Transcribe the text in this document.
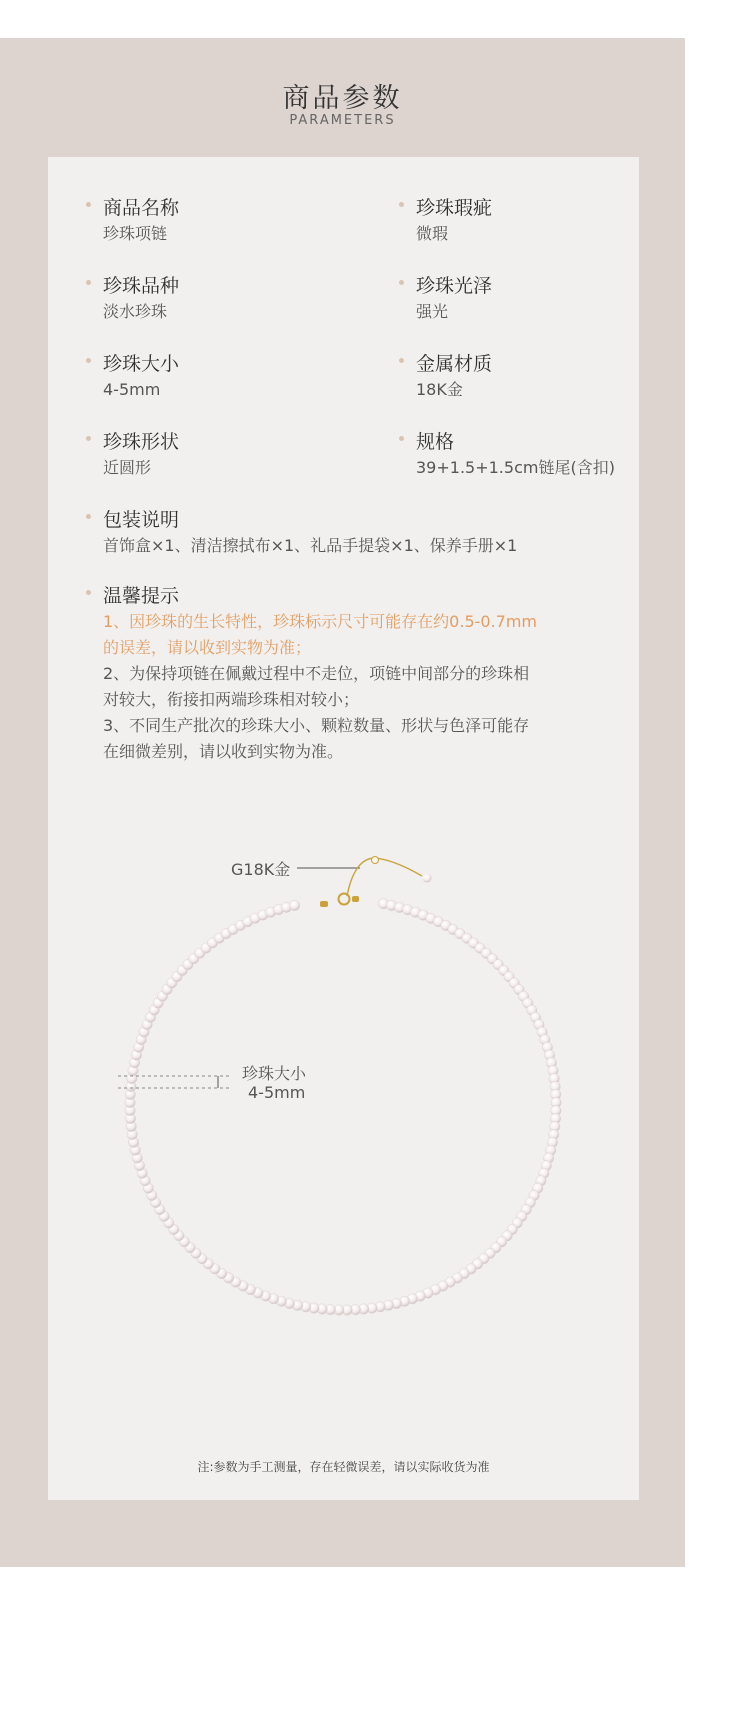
商品参数
PARAMETERS
商品名称
珍珠项链
珍珠品种
淡水珍珠
珍珠大小
4-5mm
珍珠形状
近圆形
珍珠瑕疵
微瑕
珍珠光泽
强光
金属材质
18K金
规格
39+1.5+1.5cm链尾(含扣)
包装说明
首饰盒×1、清洁擦拭布×1、礼品手提袋×1、保养手册×1
温馨提示

1、因珍珠的生长特性，珍珠标示尺寸可能存在约0.5-0.7mm

的误差，请以收到实物为准；

2、为保持项链在佩戴过程中不走位，项链中间部分的珍珠相

对较大，衔接扣两端珍珠相对较小；

3、不同生产批次的珍珠大小、颗粒数量、形状与色泽可能存

在细微差别，请以收到实物为准。

G18K金
珍珠大小
4-5mm
注:参数为手工测量，存在轻微误差，请以实际收货为准
